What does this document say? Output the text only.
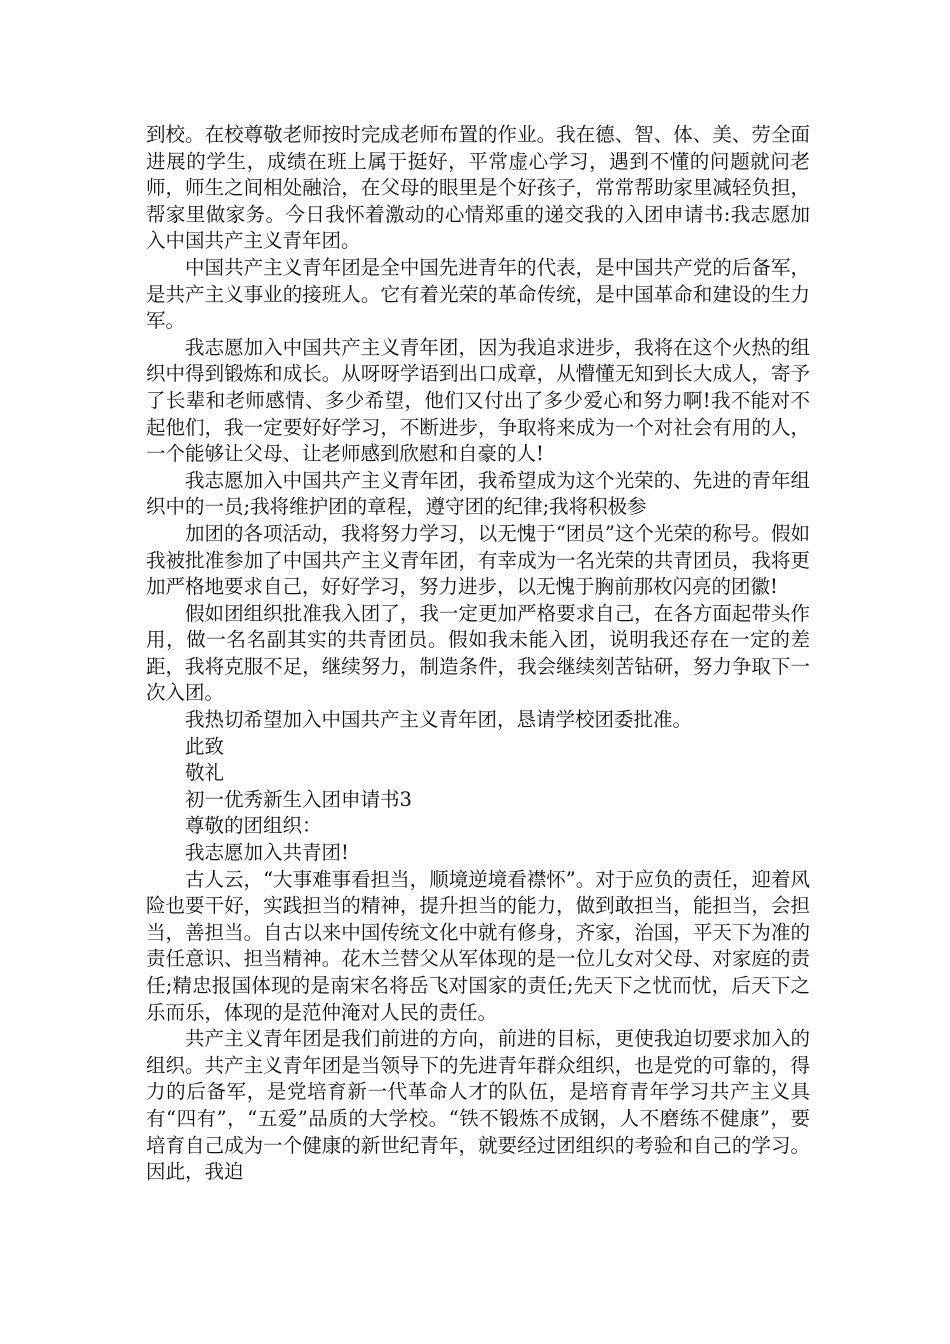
到校。在校尊敬老师按时完成老师布置的作业。我在德、智、体、美、劳全面进展的学生，成绩在班上属于挺好，平常虚心学习，遇到不懂的问题就问老师，师生之间相处融洽，在父母的眼里是个好孩子，常常帮助家里减轻负担，帮家里做家务。今日我怀着激动的心情郑重的递交我的入团申请书:我志愿加入中国共产主义青年团。

中国共产主义青年团是全中国先进青年的代表，是中国共产党的后备军，是共产主义事业的接班人。它有着光荣的革命传统，是中国革命和建设的生力军。

我志愿加入中国共产主义青年团，因为我追求进步，我将在这个火热的组织中得到锻炼和成长。从呀呀学语到出口成章，从懵懂无知到长大成人，寄予了长辈和老师感情、多少希望，他们又付出了多少爱心和努力啊!我不能对不起他们，我一定要好好学习，不断进步，争取将来成为一个对社会有用的人，一个能够让父母、让老师感到欣慰和自豪的人!

我志愿加入中国共产主义青年团，我希望成为这个光荣的、先进的青年组织中的一员;我将维护团的章程，遵守团的纪律;我将积极参

加团的各项活动，我将努力学习，以无愧于“团员”这个光荣的称号。假如我被批准参加了中国共产主义青年团，有幸成为一名光荣的共青团员，我将更加严格地要求自己，好好学习，努力进步，以无愧于胸前那枚闪亮的团徽!

假如团组织批准我入团了，我一定更加严格要求自己，在各方面起带头作用，做一名名副其实的共青团员。假如我未能入团，说明我还存在一定的差距，我将克服不足，继续努力，制造条件，我会继续刻苦钻研，努力争取下一次入团。

我热切希望加入中国共产主义青年团，恳请学校团委批准。

此致

敬礼

初一优秀新生入团申请书3

尊敬的团组织：

我志愿加入共青团!

古人云，“大事难事看担当，顺境逆境看襟怀”。对于应负的责任，迎着风险也要干好，实践担当的精神，提升担当的能力，做到敢担当，能担当，会担当，善担当。自古以来中国传统文化中就有修身，齐家，治国，平天下为准的责任意识、担当精神。花木兰替父从军体现的是一位儿女对父母、对家庭的责任;精忠报国体现的是南宋名将岳飞对国家的责任;先天下之忧而忧，后天下之乐而乐，体现的是范仲淹对人民的责任。

共产主义青年团是我们前进的方向，前进的目标，更使我迫切要求加入的组织。共产主义青年团是当领导下的先进青年群众组织，也是党的可靠的，得力的后备军，是党培育新一代革命人才的队伍，是培育青年学习共产主义具有“四有”，“五爱”品质的大学校。“铁不锻炼不成钢，人不磨练不健康”，要培育自己成为一个健康的新世纪青年，就要经过团组织的考验和自己的学习。因此，我迫
